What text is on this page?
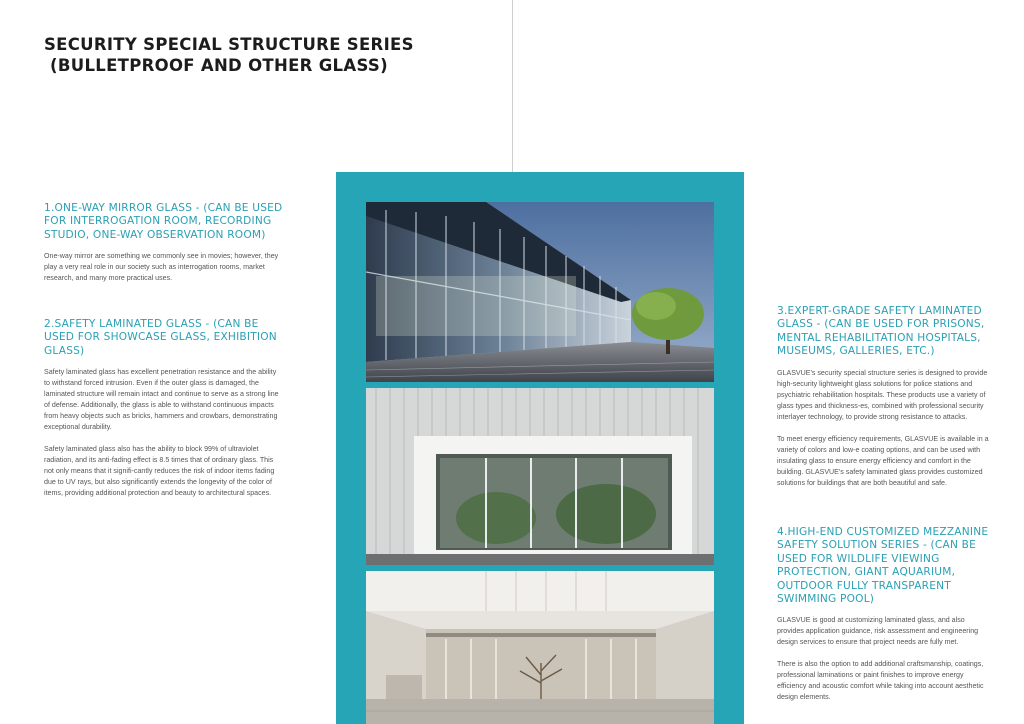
SECURITY SPECIAL STRUCTURE SERIES
(BULLETPROOF AND OTHER GLASS)
1.ONE-WAY MIRROR GLASS - (CAN BE USED FOR INTERROGATION ROOM, RECORDING STUDIO, ONE-WAY OBSERVATION ROOM)

One-way mirror are something we commonly see in movies; however, they play a very real role in our society such as interrogation rooms, market research, and many more practical uses.

2.SAFETY LAMINATED GLASS - (CAN BE USED FOR SHOWCASE GLASS, EXHIBITION GLASS)

Safety laminated glass has excellent penetration resistance and the ability to withstand forced intrusion. Even if the outer glass is damaged, the laminated structure will remain intact and continue to serve as a strong line of defense. Additionally, the glass is able to withstand continuous impacts from heavy objects such as bricks, hammers and crowbars, demonstrating exceptional durability.

Safety laminated glass also has the ability to block 99% of ultraviolet radiation, and its anti-fading effect is 8.5 times that of ordinary glass. This not only means that it signifi-cantly reduces the risk of indoor items fading due to UV rays, but also significantly extends the longevity of the color of items, providing additional protection and beauty to architectural spaces.

3.EXPERT-GRADE SAFETY LAMINATED GLASS - (CAN BE USED FOR PRISONS, MENTAL REHABILITATION HOSPITALS, MUSEUMS, GALLERIES, ETC.)

GLASVUE's security special structure series is designed to provide high-security lightweight glass solutions for police stations and psychiatric rehabilitation hospitals. These products use a variety of glass types and thickness-es, combined with professional security interlayer technology, to provide strong resistance to attacks.

To meet energy efficiency requirements, GLASVUE is available in a variety of colors and low-e coating options, and can be used with insulating glass to ensure energy efficiency and comfort in the building. GLASVUE's safety laminated glass provides customized solutions for buildings that are both beautiful and safe.

4.HIGH-END CUSTOMIZED MEZZANINE SAFETY SOLUTION SERIES - (CAN BE USED FOR WILDLIFE VIEWING PROTECTION, GIANT AQUARIUM, OUTDOOR FULLY TRANSPARENT SWIMMING POOL)

GLASVUE is good at customizing laminated glass, and also provides application guidance, risk assessment and engineering design services to ensure that project needs are fully met.

There is also the option to add additional craftsmanship, coatings, professional laminations or paint finishes to improve energy efficiency and acoustic comfort while taking into account aesthetic design elements.
